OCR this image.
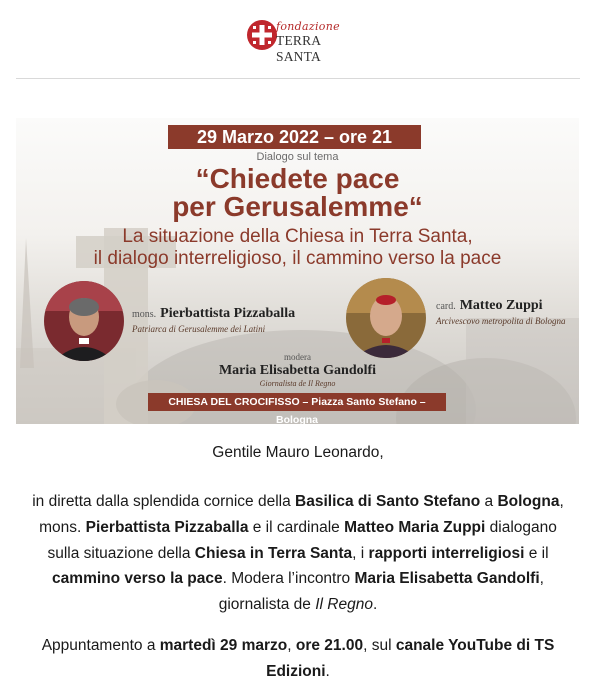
fondazione
TERRA SANTA
29 Marzo 2022 – ore 21
Dialogo sul tema
“Chiedete pace
per Gerusalemme“
La situazione della Chiesa in Terra Santa,
il dialogo interreligioso, il cammino verso la pace
mons. Pierbattista Pizzaballa
Patriarca di Gerusalemme dei Latini
card. Matteo Zuppi
Arcivescovo metropolita di Bologna
modera
Maria Elisabetta Gandolfi
Giornalista de Il Regno
CHIESA DEL CROCIFISSO – Piazza Santo Stefano – Bologna
Gentile Mauro Leonardo,
in diretta dalla splendida cornice della Basilica di Santo Stefano a Bologna,
mons. Pierbattista Pizzaballa e il cardinale Matteo Maria Zuppi dialogano
sulla situazione della Chiesa in Terra Santa, i rapporti interreligiosi e il
cammino verso la pace. Modera l’incontro Maria Elisabetta Gandolfi,
giornalista de Il Regno.
Appuntamento a martedì 29 marzo, ore 21.00, sul canale YouTube di TS
Edizioni.
